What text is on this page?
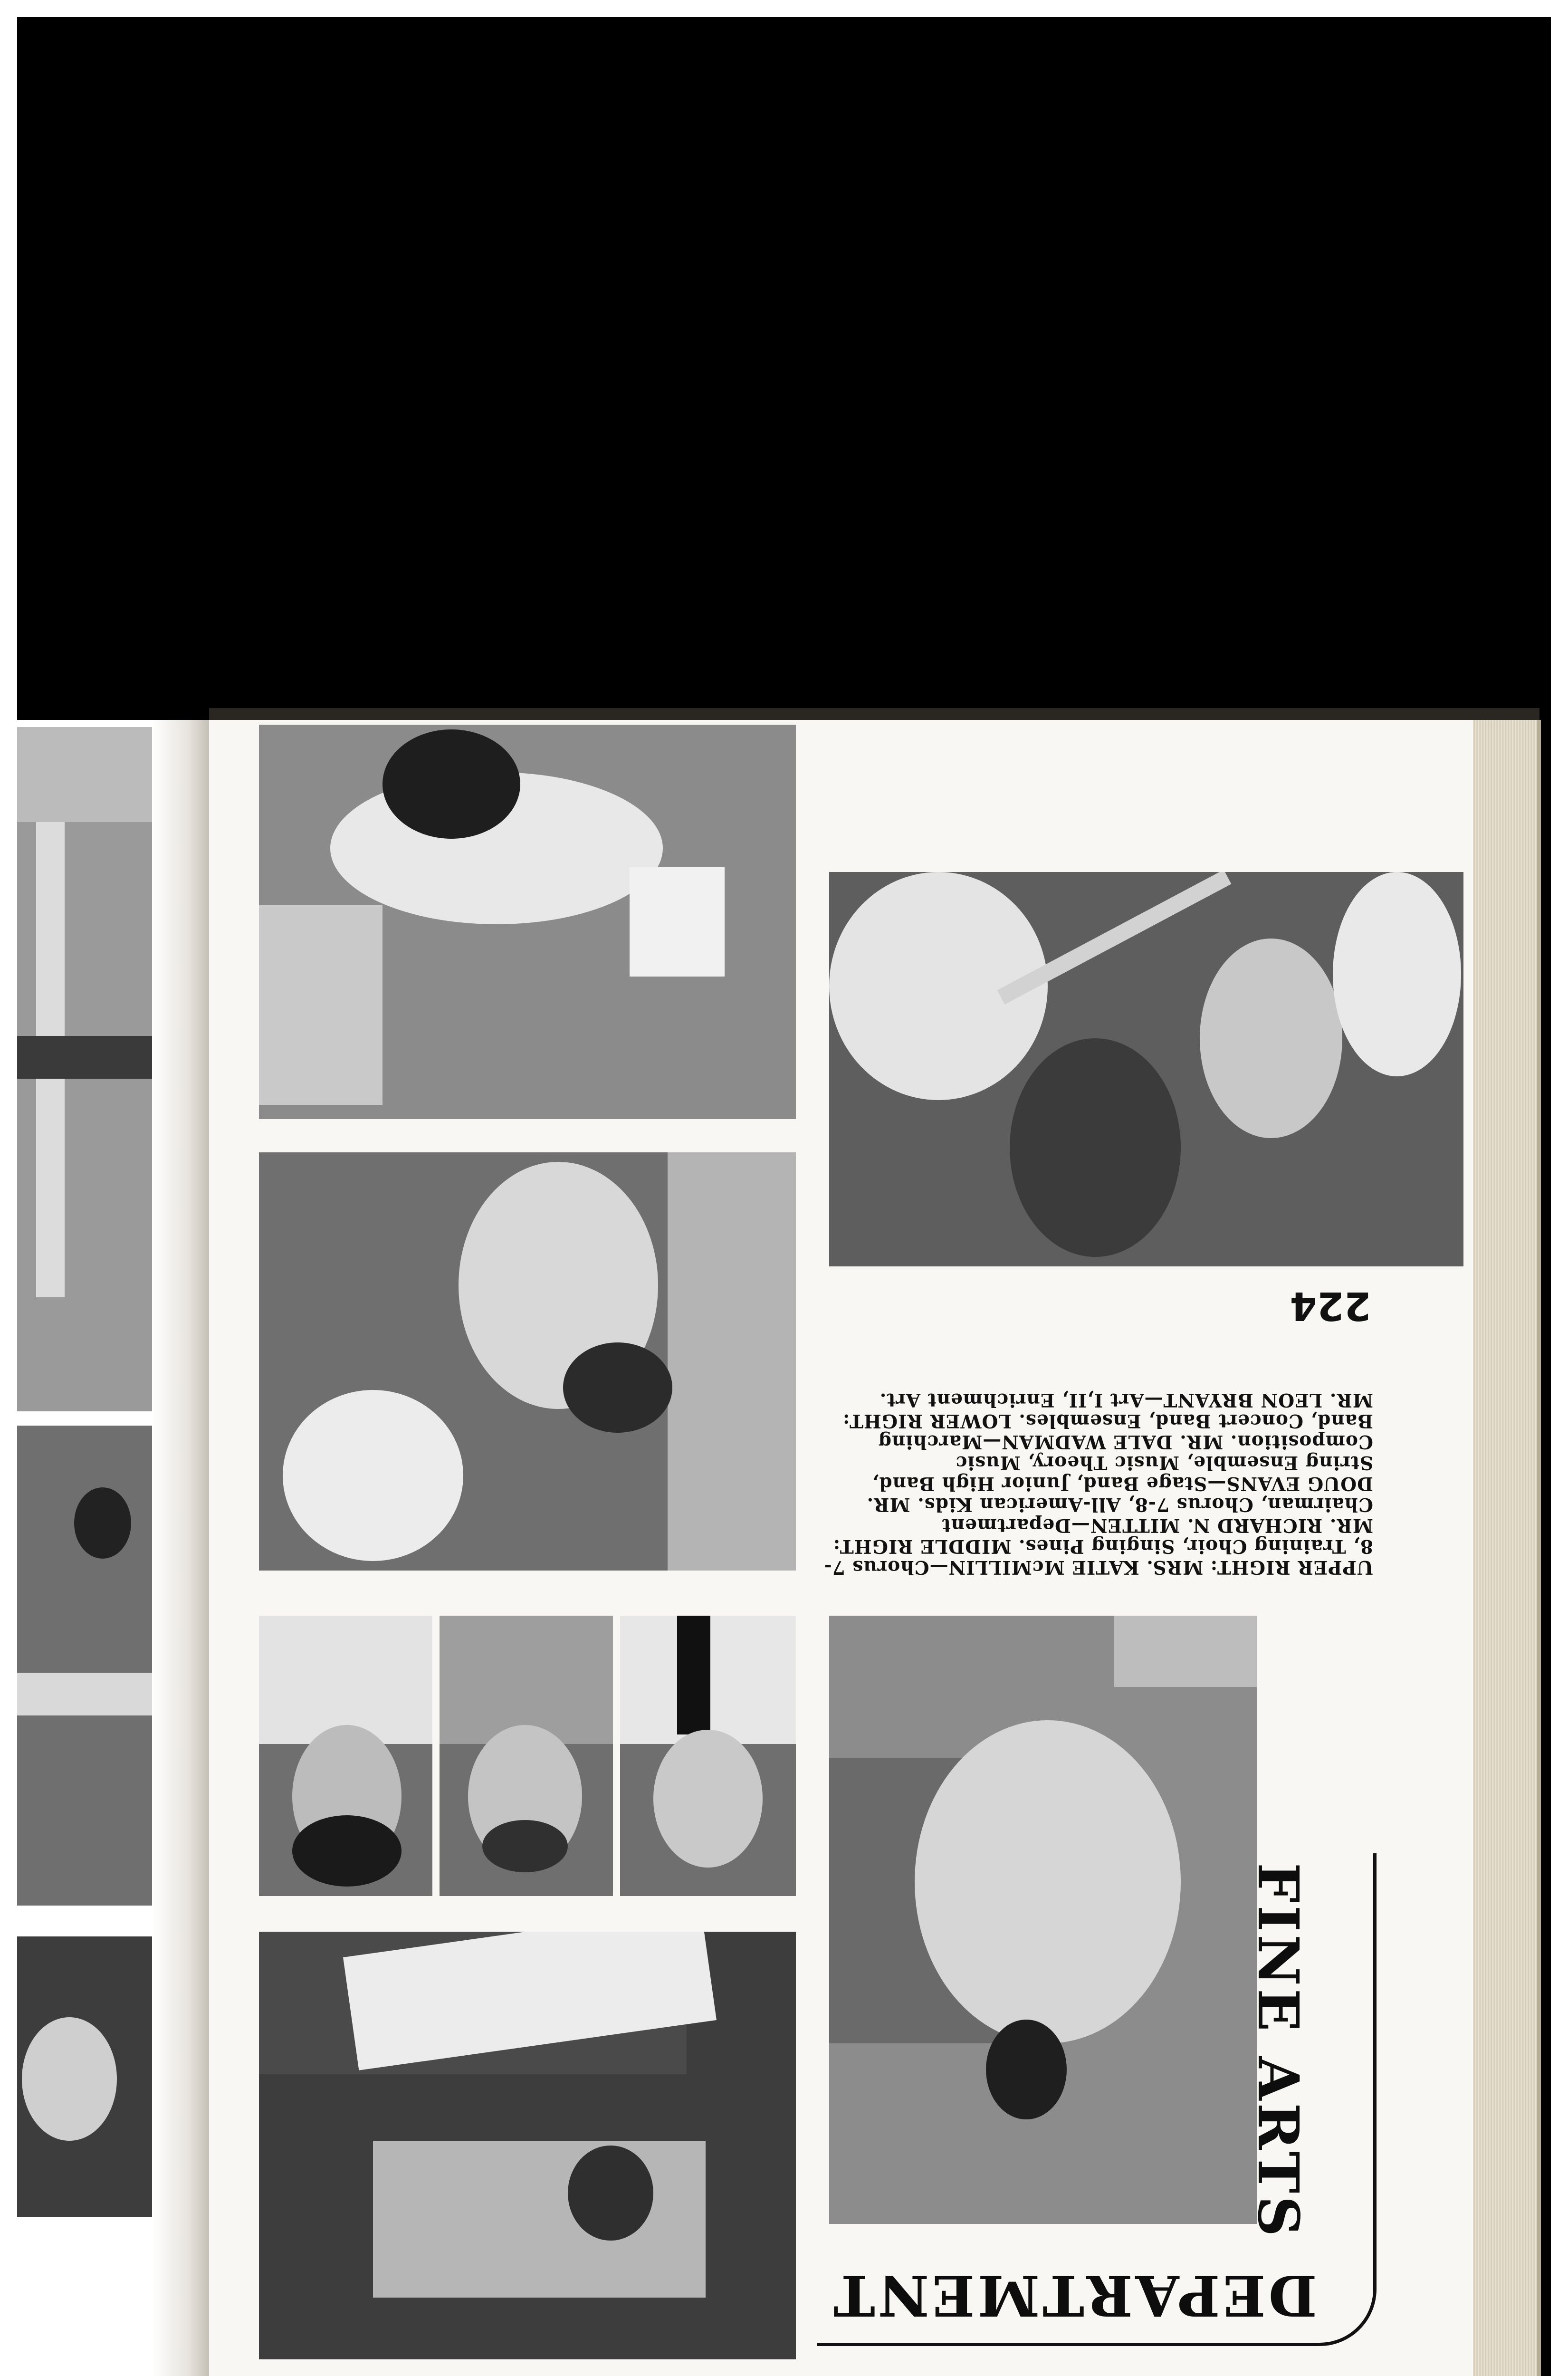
224

UPPER RIGHT: MRS. KATIE McMILLIN—Chorus 7-8, Training Choir, Singing Pines. MIDDLE RIGHT: MR. RICHARD N. MITTEN—Department Chairman, Chorus 7-8, All-American Kids. MR. DOUG EVANS—Stage Band, Junior High Band, String Ensemble, Music Theory, Music Composition. MR. DALE WADMAN—Marching Band, Concert Band, Ensembles. LOWER RIGHT: MR. LEON BRYANT—Art I,II, Enrichment Art.

FINE ARTS
DEPARTMENT
